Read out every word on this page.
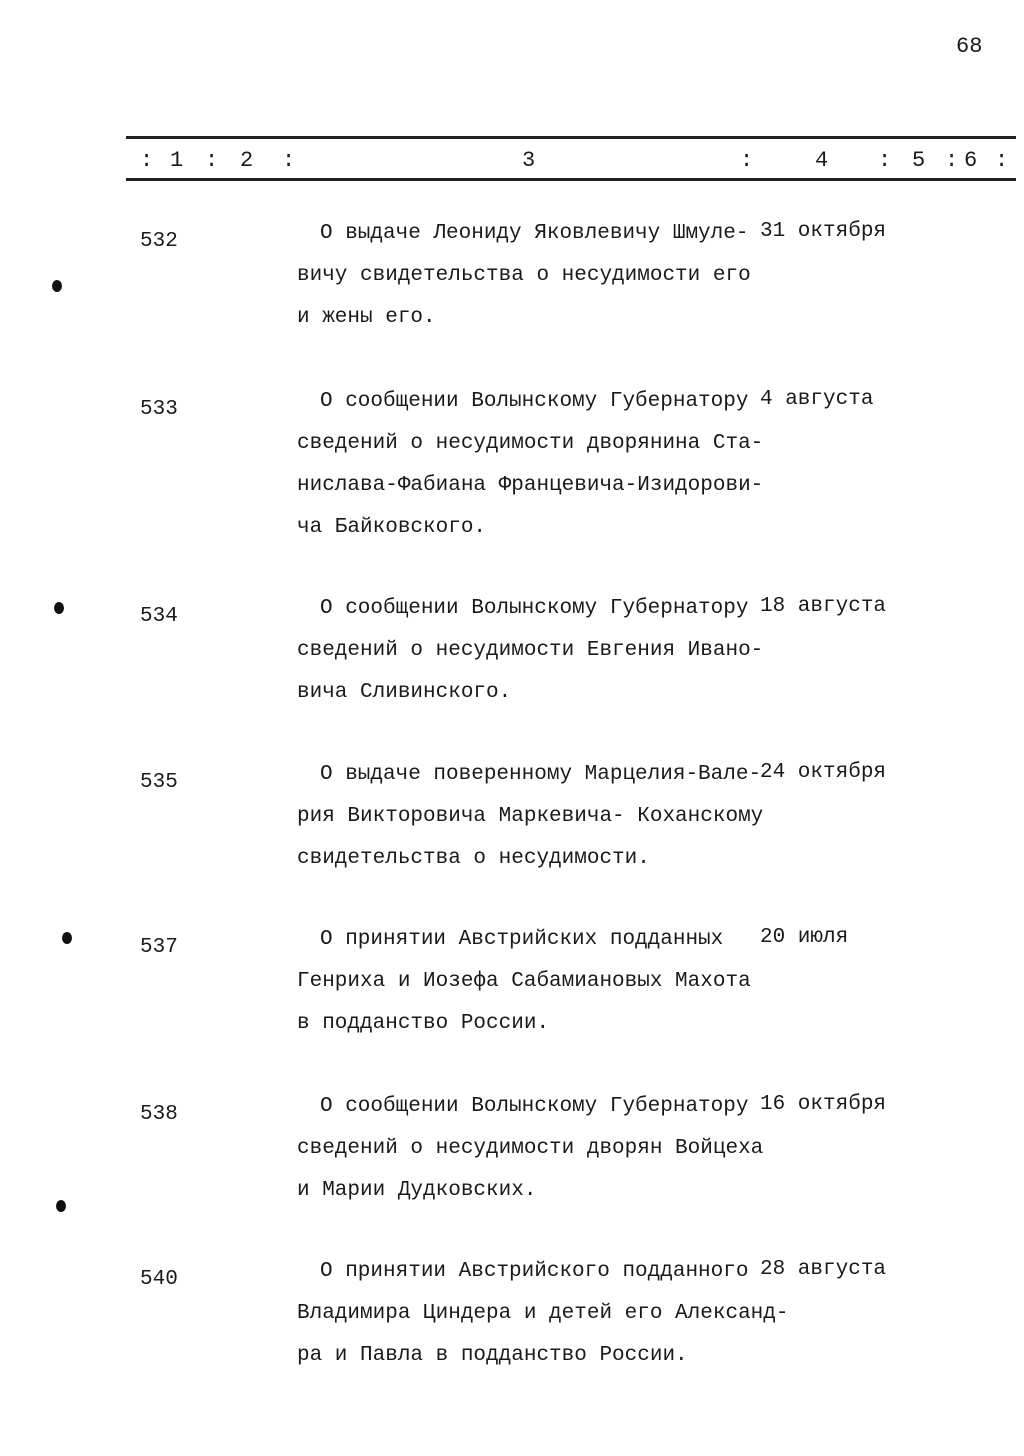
68
: 1 : 2 :	3	:	4 : 5 : 6 :
532	О выдаче Леониду Яковлевичу Шмуле-
вичу свидетельства о несудимости его
и жены его.
31 октября
533	О сообщении Волынскому Губернатору
сведений о несудимости дворянина Ста-
нислава-Фабиана Францевича-Изидорови-
ча Байковского.
4 августа
534	О сообщении Волынскому Губернатору
сведений о несудимости Евгения Ивано-
вича Сливинского.
18 августа
535	О выдаче поверенному Марцелия-Вале-
рия Викторовича Маркевича- Коханскому
свидетельства о несудимости.
24 октября
537	О принятии Австрийских подданных
Генриха и Иозефа Сабамиановых Махота
в подданство России.
20 июля
538	О сообщении Волынскому Губернатору
сведений о несудимости дворян Войцеха
и Марии Дудковских.
16 октября
540	О принятии Австрийского подданного
Владимира Циндера и детей его Александ-
ра и Павла в подданство России.
28 августа
